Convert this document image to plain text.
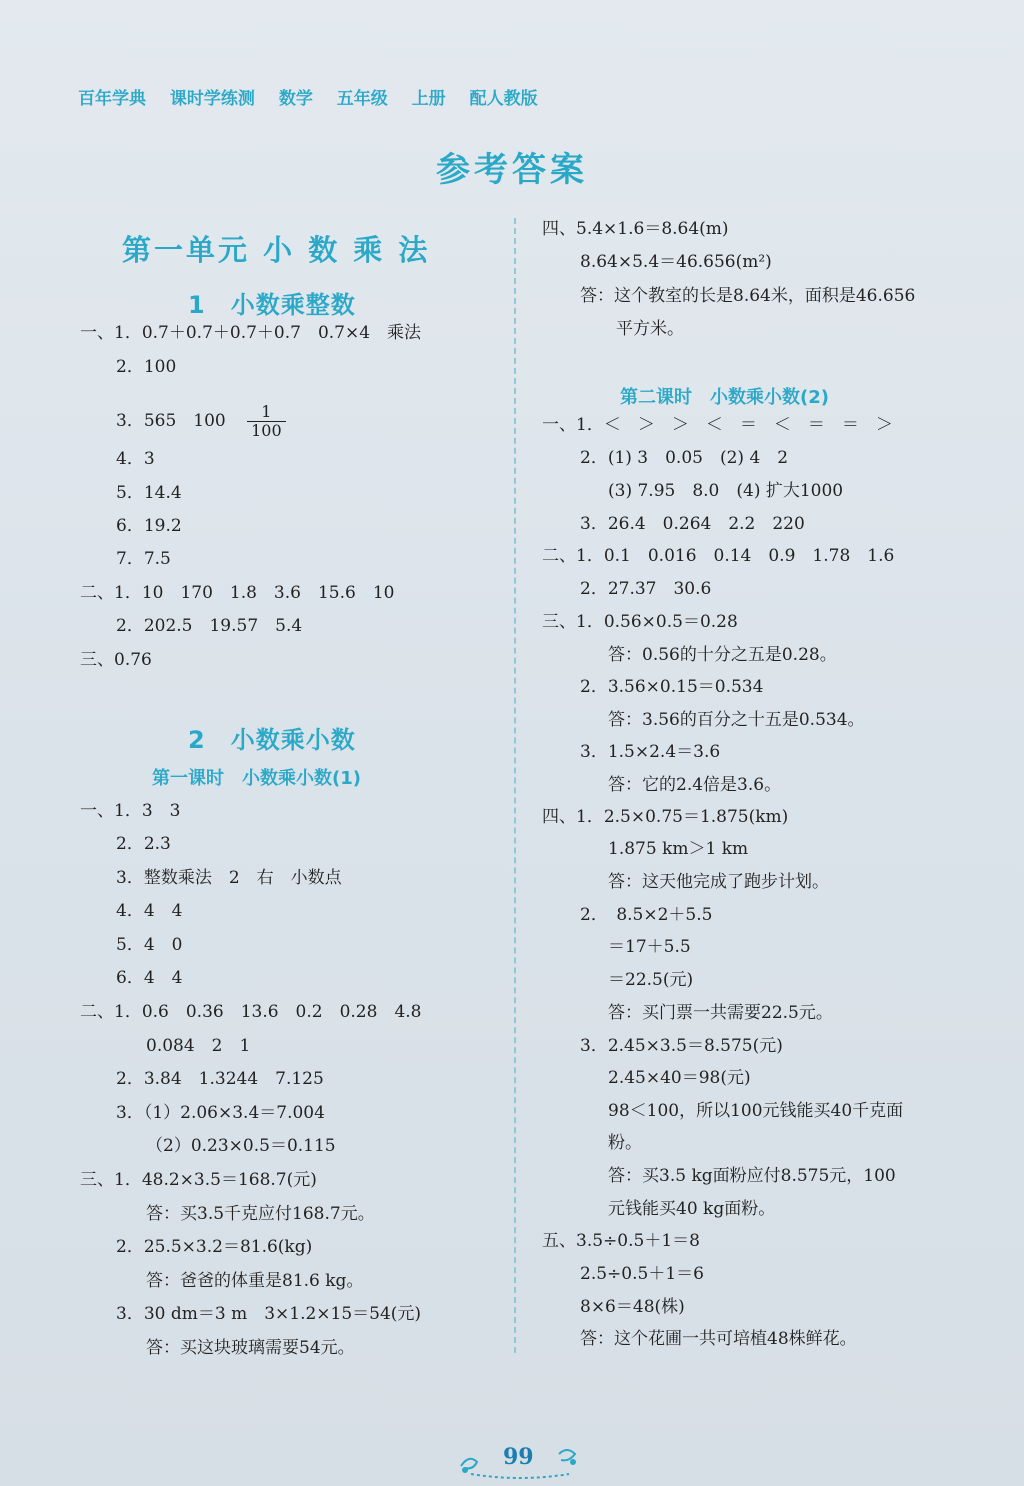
百年学典 课时学练测 数学 五年级 上册 配人教版
参考答案
第一单元 小 数 乘 法
1　小数乘整数
一、1．0.7＋0.7＋0.7＋0.7　0.7×4　乘法
2．100
3．565　$100 \frac{1}{100}$
4．3
5．14.4
6．19.2
7．7.5
二、1．10　170　1.8　3.6　15.6　10
2．202.5　19.57　5.4
三、0.76
2　小数乘小数
第一课时　小数乘小数(1)
一、1．3　3
2．2.3
3．整数乘法　2　右　小数点
4．4　4
5．4　0
6．4　4
二、1．0.6　0.36　13.6　0.2　0.28　4.8
0.084　2　1
2．3.84　1.3244　7.125
3．（1）2.06×3.4＝7.004
（2）0.23×0.5＝0.115
三、1．48.2×3.5＝168.7(元)
答：买3.5千克应付168.7元。
2．25.5×3.2＝81.6(kg)
答：爸爸的体重是81.6 kg。
3．30 dm＝3 m　3×1.2×15＝54(元)
答：买这块玻璃需要54元。
四、5.4×1.6＝8.64(m)
8.64×5.4＝46.656(m²)
答：这个教室的长是8.64米，面积是46.656
平方米。
第二课时　小数乘小数(2)
一、1．＜　＞　＞　＜　＝　＜　＝　＝　＞
2．(1) 3　0.05　(2) 4　2
(3) 7.95　8.0　(4) 扩大1000
3．26.4　0.264　2.2　220
二、1．0.1　0.016　0.14　0.9　1.78　1.6
2．27.37　30.6
三、1．0.56×0.5＝0.28
答：0.56的十分之五是0.28。
2．3.56×0.15＝0.534
答：3.56的百分之十五是0.534。
3．1.5×2.4＝3.6
答：它的2.4倍是3.6。
四、1．2.5×0.75＝1.875(km)
1.875 km＞1 km
答：这天他完成了跑步计划。
2．　8.5×2＋5.5
＝17＋5.5
＝22.5(元)
答：买门票一共需要22.5元。
3．2.45×3.5＝8.575(元)
2.45×40＝98(元)
98＜100，所以100元钱能买40千克面
粉。
答：买3.5 kg面粉应付8.575元，100
元钱能买40 kg面粉。
五、3.5÷0.5＋1＝8
2.5÷0.5＋1＝6
8×6＝48(株)
答：这个花圃一共可培植48株鲜花。
99
